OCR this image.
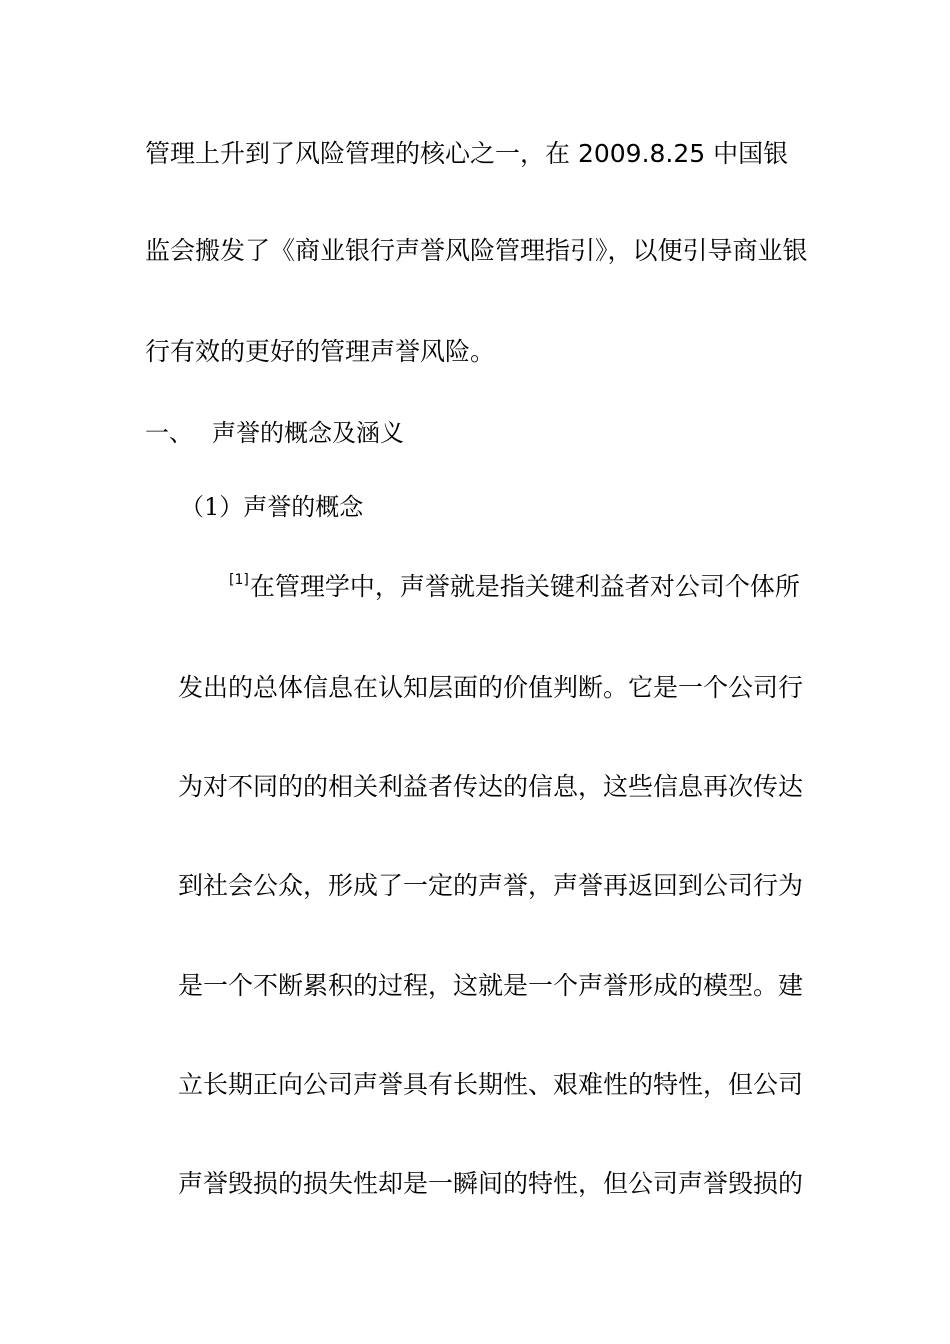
管理上升到了风险管理的核心之一，在 2009.8.25 中国银

监会搬发了《商业银行声誉风险管理指引》，以便引导商业银

行有效的更好的管理声誉风险。

一、 声誉的概念及涵义

（1）声誉的概念

[1]在管理学中，声誉就是指关键利益者对公司个体所

发出的总体信息在认知层面的价值判断。它是一个公司行

为对不同的的相关利益者传达的信息，这些信息再次传达

到社会公众，形成了一定的声誉，声誉再返回到公司行为

是一个不断累积的过程，这就是一个声誉形成的模型。建

立长期正向公司声誉具有长期性、艰难性的特性，但公司

声誉毁损的损失性却是一瞬间的特性，但公司声誉毁损的
